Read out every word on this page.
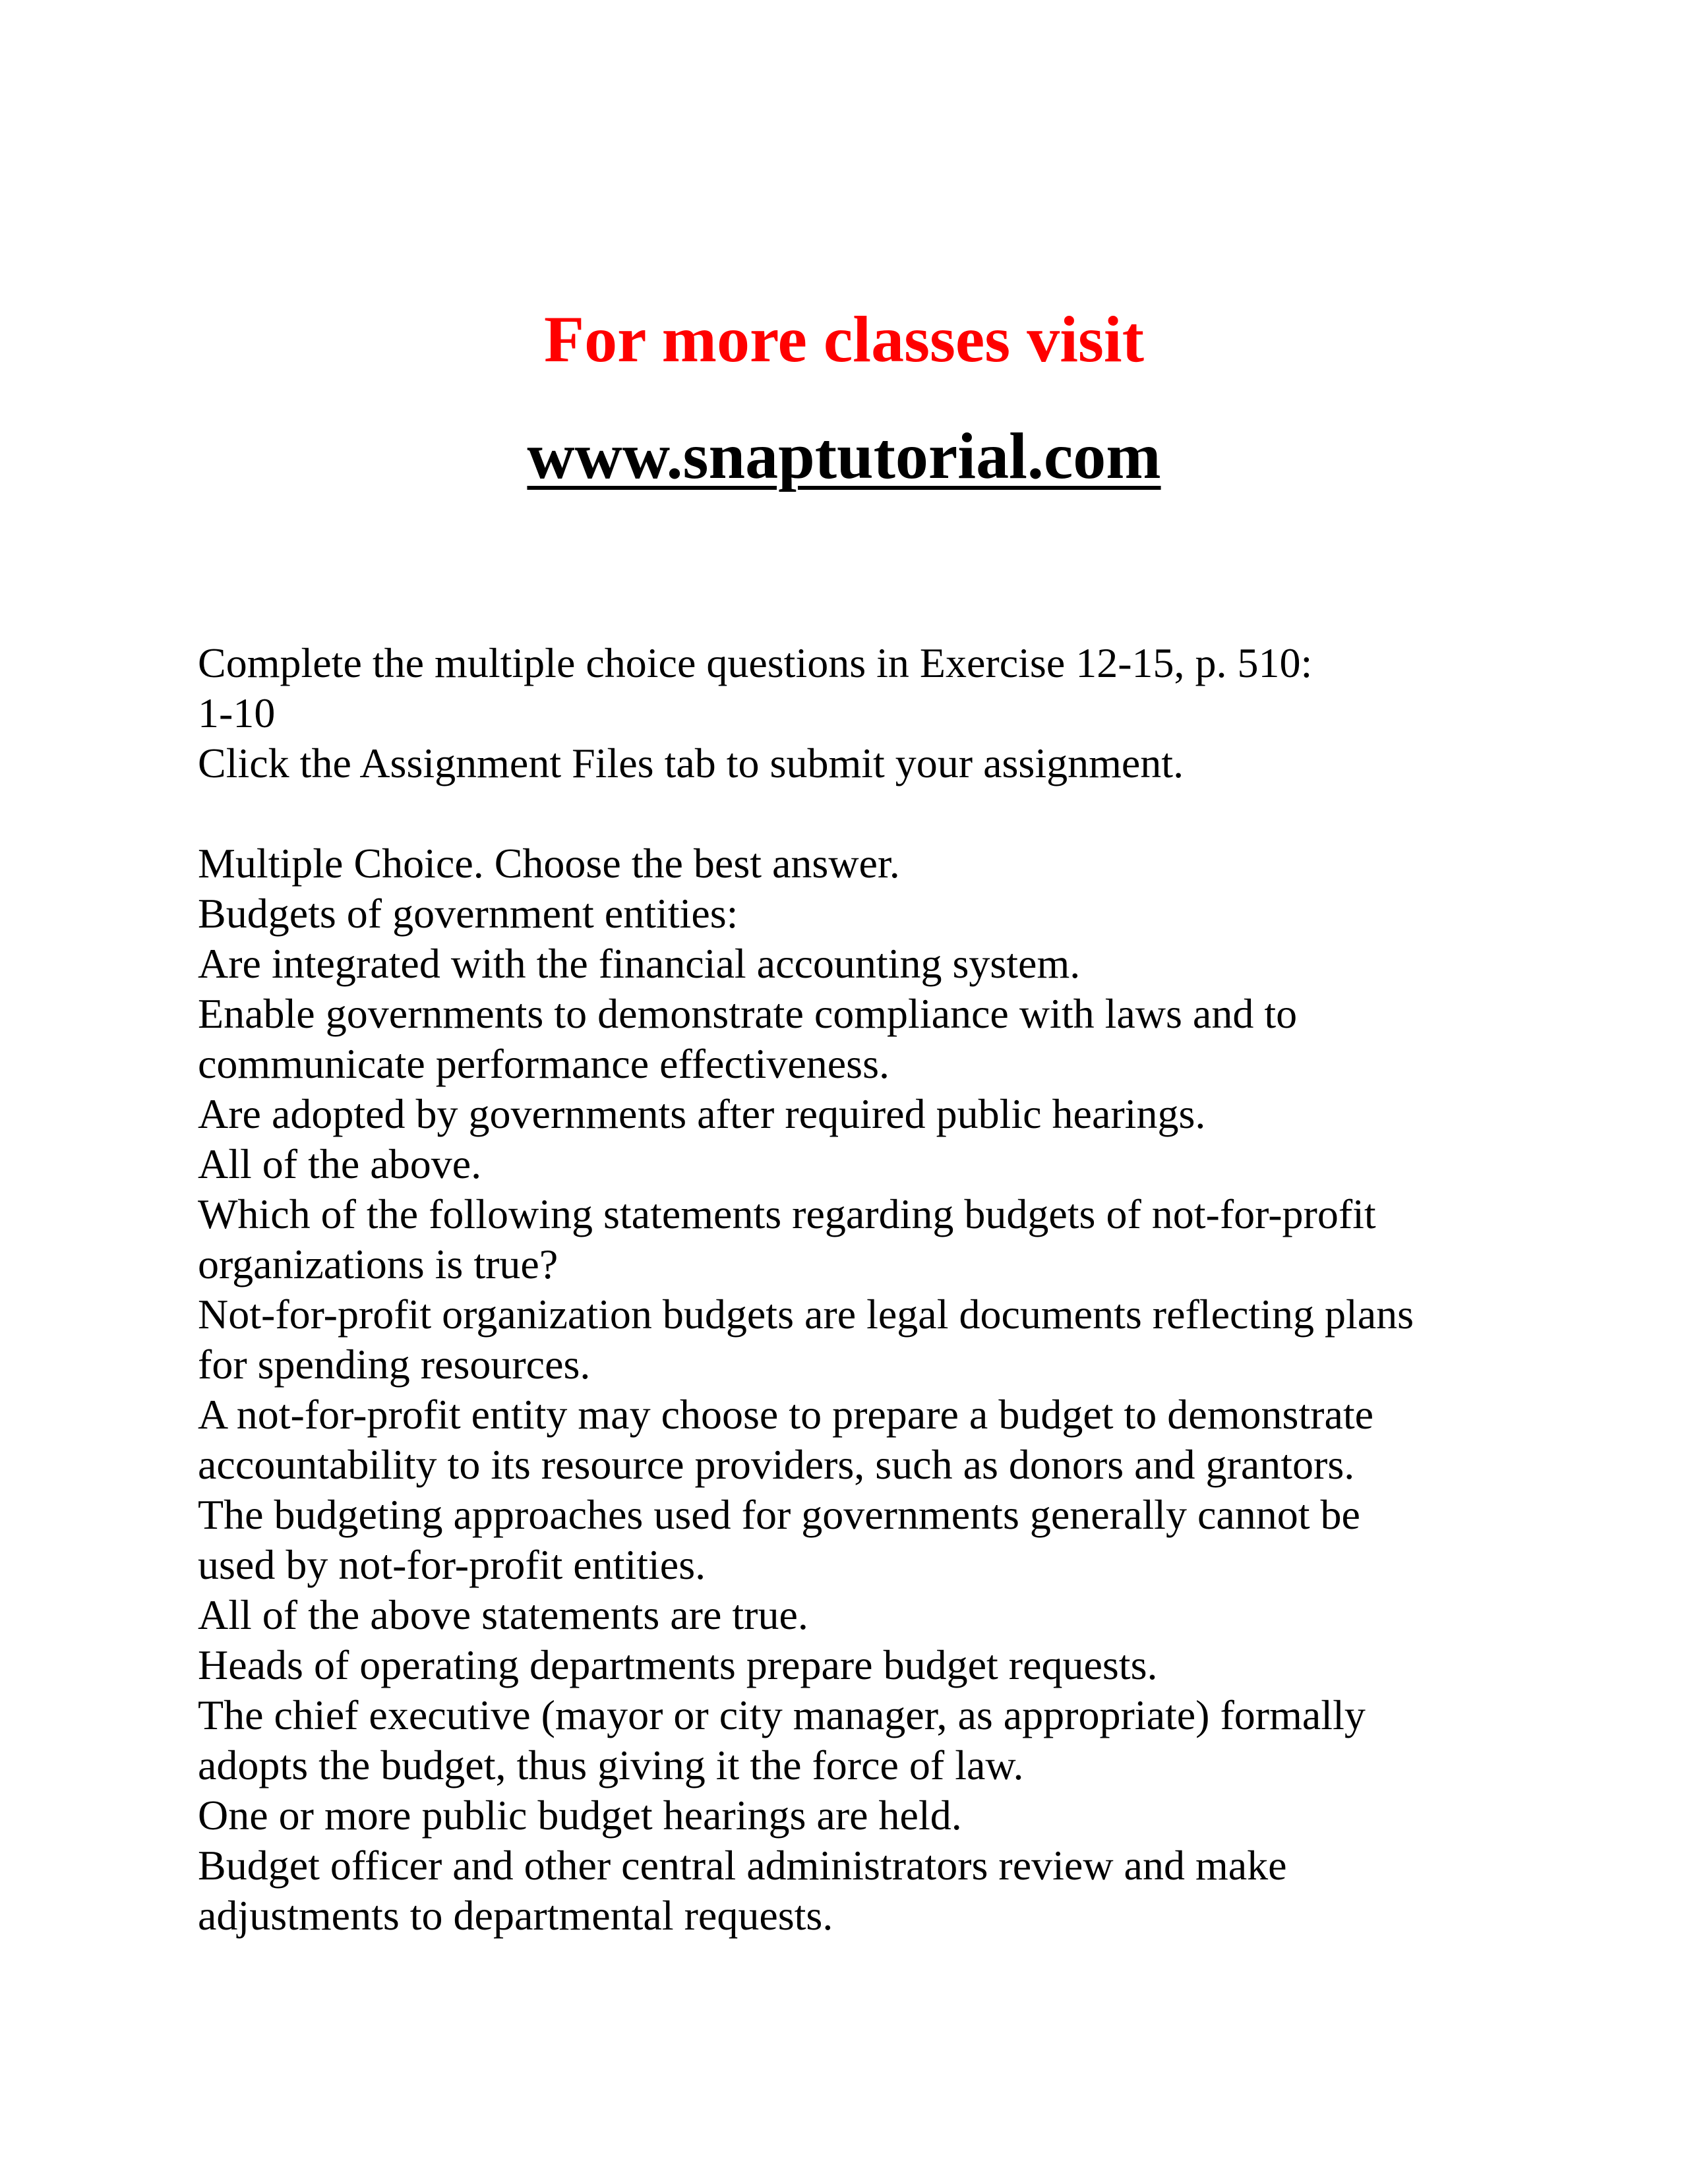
For more classes visit

www.snaptutorial.com

Complete the multiple choice questions in Exercise 12-15, p. 510:
1-10
Click the Assignment Files tab to submit your assignment.
Multiple Choice. Choose the best answer.
Budgets of government entities:
Are integrated with the financial accounting system.
Enable governments to demonstrate compliance with laws and to
communicate performance effectiveness.
Are adopted by governments after required public hearings.
All of the above.
Which of the following statements regarding budgets of not-for-profit
organizations is true?
Not-for-profit organization budgets are legal documents reflecting plans
for spending resources.
A not-for-profit entity may choose to prepare a budget to demonstrate
accountability to its resource providers, such as donors and grantors.
The budgeting approaches used for governments generally cannot be
used by not-for-profit entities.
All of the above statements are true.
Heads of operating departments prepare budget requests.
The chief executive (mayor or city manager, as appropriate) formally
adopts the budget, thus giving it the force of law.
One or more public budget hearings are held.
Budget officer and other central administrators review and make
adjustments to departmental requests.
